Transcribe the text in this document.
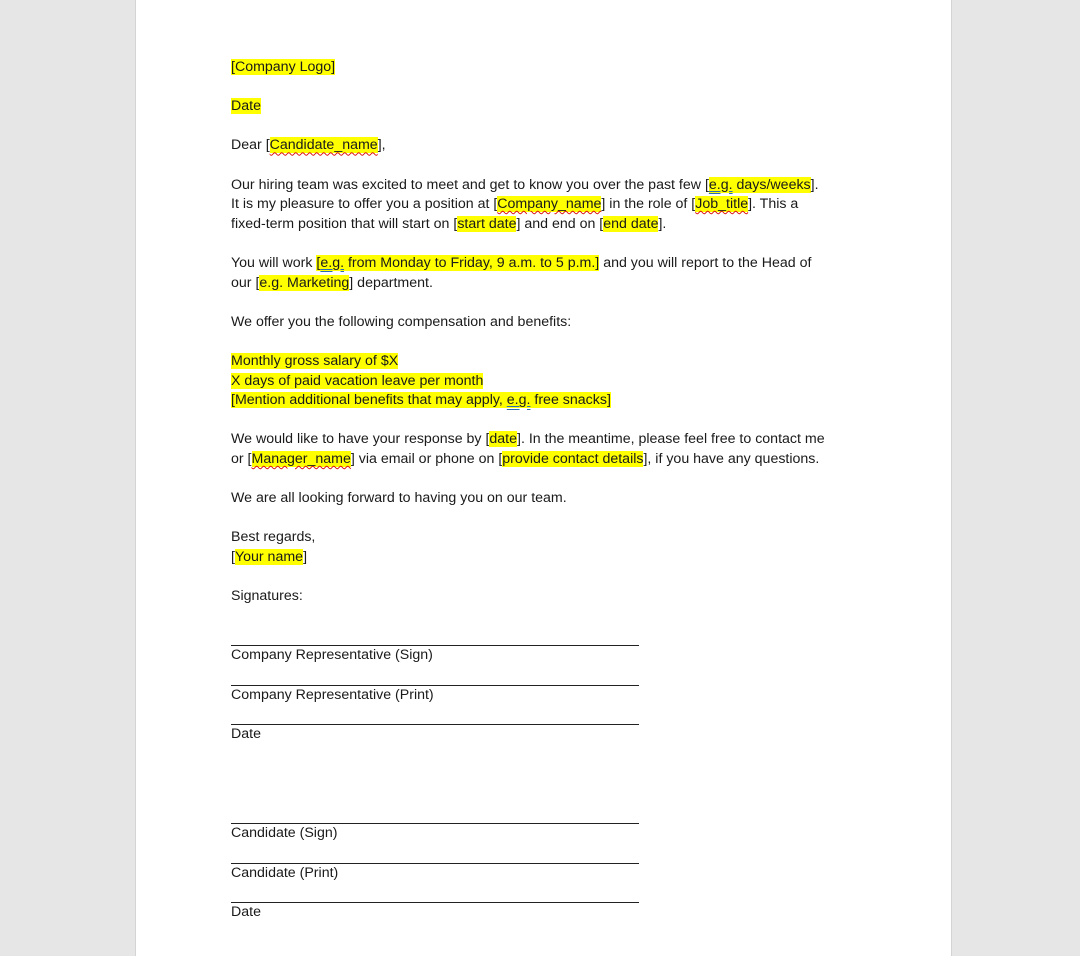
[Company Logo]
Date
Dear [Candidate_name],
Our hiring team was excited to meet and get to know you over the past few [e.g. days/weeks].
It is my pleasure to offer you a position at [Company_name] in the role of [Job_title]. This a
fixed-term position that will start on [start date] and end on [end date].
You will work [e.g. from Monday to Friday, 9 a.m. to 5 p.m.] and you will report to the Head of
our [e.g. Marketing] department.
We offer you the following compensation and benefits:
Monthly gross salary of $X
X days of paid vacation leave per month
[Mention additional benefits that may apply, e.g. free snacks]
We would like to have your response by [date]. In the meantime, please feel free to contact me
or [Manager_name] via email or phone on [provide contact details], if you have any questions.
We are all looking forward to having you on our team.
Best regards,
[Your name]
Signatures:
Company Representative (Sign)
Company Representative (Print)
Date
Candidate (Sign)
Candidate (Print)
Date
